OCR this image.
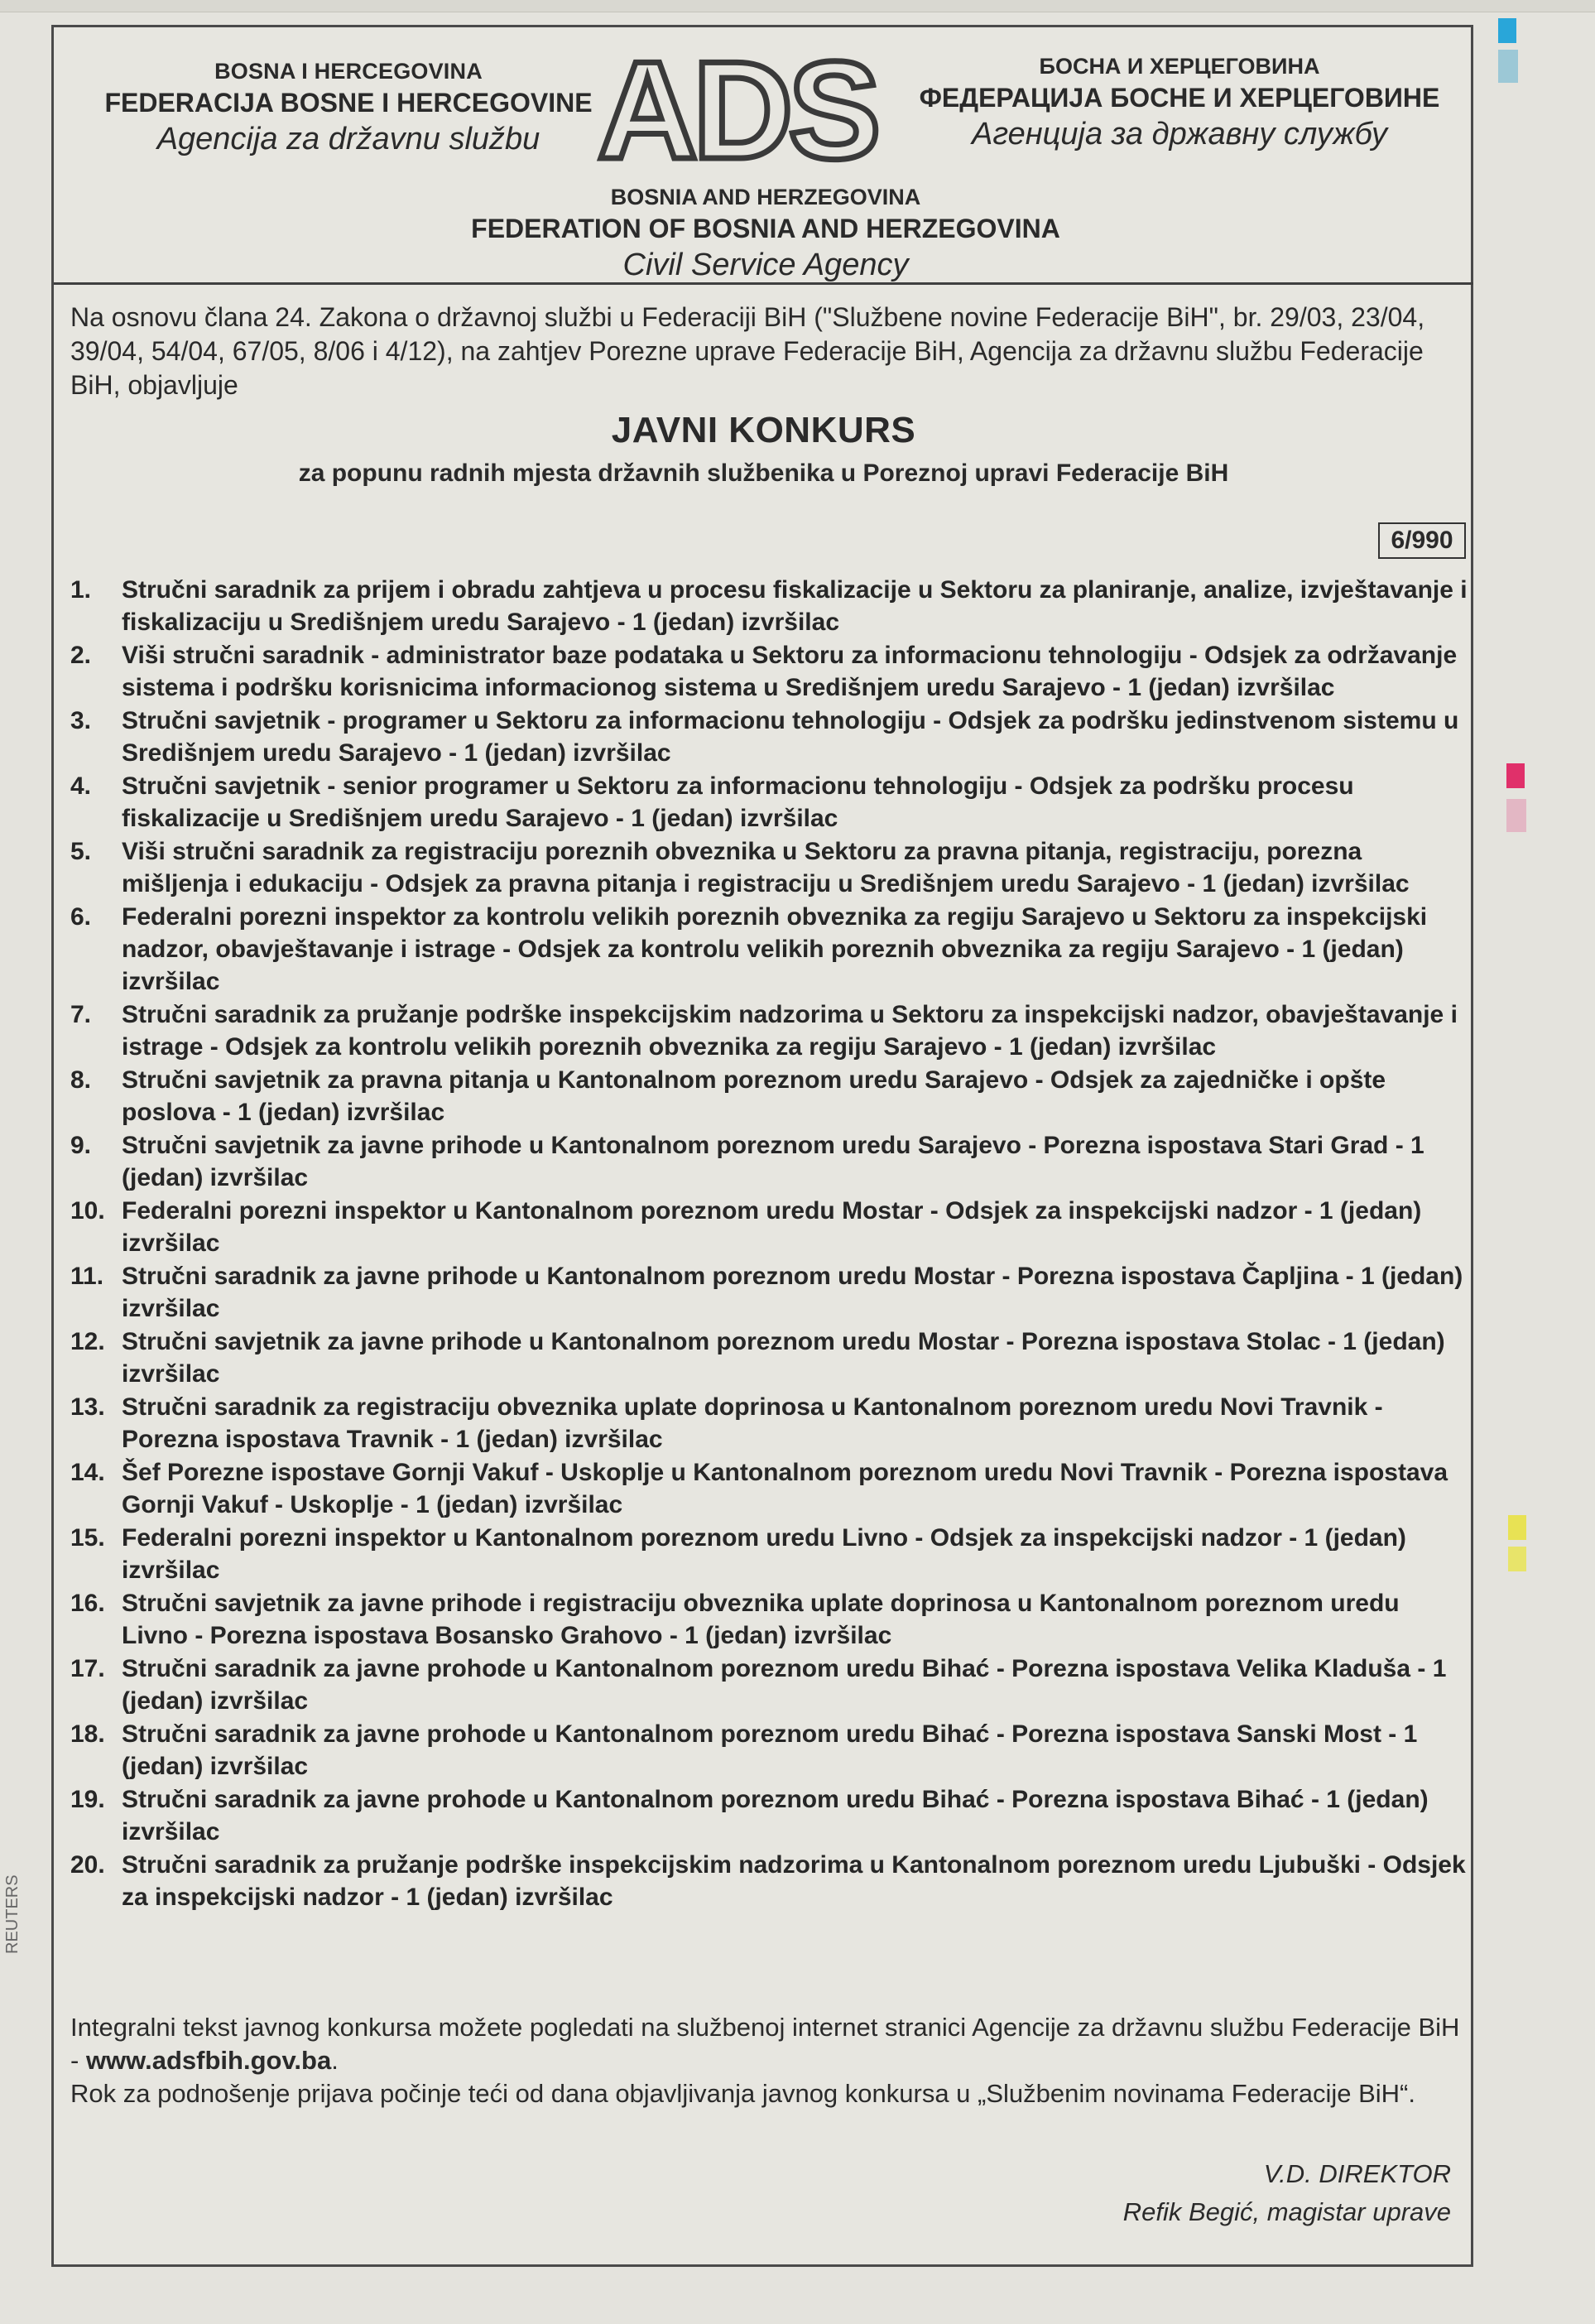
BOSNA I HERCEGOVINA
FEDERACIJA BOSNE I HERCEGOVINE
Agencija za državnu službu ADS	БОСНА И ХЕРЦЕГОВИНА
ФЕДЕРАЦИЈА БОСНЕ И ХЕРЦЕГОВИНЕ
Агенција за државну службу
BOSNIA AND HERZEGOVINA
FEDERATION OF BOSNIA AND HERZEGOVINA
Civil Service Agency
Na osnovu člana 24. Zakona o državnoj službi u Federaciji BiH ("Službene novine Federacije BiH", br. 29/03, 23/04, 39/04, 54/04, 67/05, 8/06 i 4/12), na zahtjev Porezne uprave Federacije BiH, Agencija za državnu službu Federacije BiH, objavljuje
JAVNI KONKURS
za popunu radnih mjesta državnih službenika u Poreznoj upravi Federacije BiH
6/990
1.	Stručni saradnik za prijem i obradu zahtjeva u procesu fiskalizacije u Sektoru za planiranje, analize, izvještavanje i fiskalizaciju u Središnjem uredu Sarajevo - 1 (jedan) izvršilac
2.	Viši stručni saradnik - administrator baze podataka u Sektoru za informacionu tehnologiju - Odsjek za održavanje sistema i podršku korisnicima informacionog sistema u Središnjem uredu Sarajevo - 1 (jedan) izvršilac
3.	Stručni savjetnik - programer u Sektoru za informacionu tehnologiju - Odsjek za podršku jedinstvenom sistemu u Središnjem uredu Sarajevo - 1 (jedan) izvršilac
4.	Stručni savjetnik - senior programer u Sektoru za informacionu tehnologiju - Odsjek za podršku procesu fiskalizacije u Središnjem uredu Sarajevo - 1 (jedan) izvršilac
5.	Viši stručni saradnik za registraciju poreznih obveznika u Sektoru za pravna pitanja, registraciju, porezna mišljenja i edukaciju - Odsjek za pravna pitanja i registraciju u Središnjem uredu Sarajevo - 1 (jedan) izvršilac
6.	Federalni porezni inspektor za kontrolu velikih poreznih obveznika za regiju Sarajevo u Sektoru za inspekcijski nadzor, obavještavanje i istrage - Odsjek za kontrolu velikih poreznih obveznika za regiju Sarajevo - 1 (jedan) izvršilac
7.	Stručni saradnik za pružanje podrške inspekcijskim nadzorima u Sektoru za inspekcijski nadzor, obavještavanje i istrage - Odsjek za kontrolu velikih poreznih obveznika za regiju Sarajevo - 1 (jedan) izvršilac
8.	Stručni savjetnik za pravna pitanja u Kantonalnom poreznom uredu Sarajevo - Odsjek za zajedničke i opšte poslova - 1 (jedan) izvršilac
9.	Stručni savjetnik za javne prihode u Kantonalnom poreznom uredu Sarajevo - Porezna ispostava Stari Grad - 1 (jedan) izvršilac
10. Federalni porezni inspektor u Kantonalnom poreznom uredu Mostar - Odsjek za inspekcijski nadzor - 1 (jedan) izvršilac
11. Stručni saradnik za javne prihode u Kantonalnom poreznom uredu Mostar - Porezna ispostava Čapljina - 1 (jedan) izvršilac
12. Stručni savjetnik za javne prihode u Kantonalnom poreznom uredu Mostar - Porezna ispostava Stolac - 1 (jedan) izvršilac
13. Stručni saradnik za registraciju obveznika uplate doprinosa u Kantonalnom poreznom uredu Novi Travnik - Porezna ispostava Travnik - 1 (jedan) izvršilac
14. Šef Porezne ispostave Gornji Vakuf - Uskoplje u Kantonalnom poreznom uredu Novi Travnik - Porezna ispostava Gornji Vakuf - Uskoplje - 1 (jedan) izvršilac
15. Federalni porezni inspektor u Kantonalnom poreznom uredu Livno - Odsjek za inspekcijski nadzor - 1 (jedan) izvršilac
16. Stručni savjetnik za javne prihode i registraciju obveznika uplate doprinosa u Kantonalnom poreznom uredu Livno - Porezna ispostava Bosansko Grahovo - 1 (jedan) izvršilac
17. Stručni saradnik za javne prohode u Kantonalnom poreznom uredu Bihać - Porezna ispostava Velika Kladuša - 1 (jedan) izvršilac
18. Stručni saradnik za javne prohode u Kantonalnom poreznom uredu Bihać - Porezna ispostava Sanski Most - 1 (jedan) izvršilac
19. Stručni saradnik za javne prohode u Kantonalnom poreznom uredu Bihać - Porezna ispostava Bihać - 1 (jedan) izvršilac
20. Stručni saradnik za pružanje podrške inspekcijskim nadzorima u Kantonalnom poreznom uredu Ljubuški - Odsjek za inspekcijski nadzor - 1 (jedan) izvršilac
Integralni tekst javnog konkursa možete pogledati na službenoj internet stranici Agencije za državnu službu Federacije BiH - www.adsfbih.gov.ba.
Rok za podnošenje prijava počinje teći od dana objavljivanja javnog konkursa u „Službenim novinama Federacije BiH“.
V.D. DIREKTOR
Refik Begić, magistar uprave
REUTERS
